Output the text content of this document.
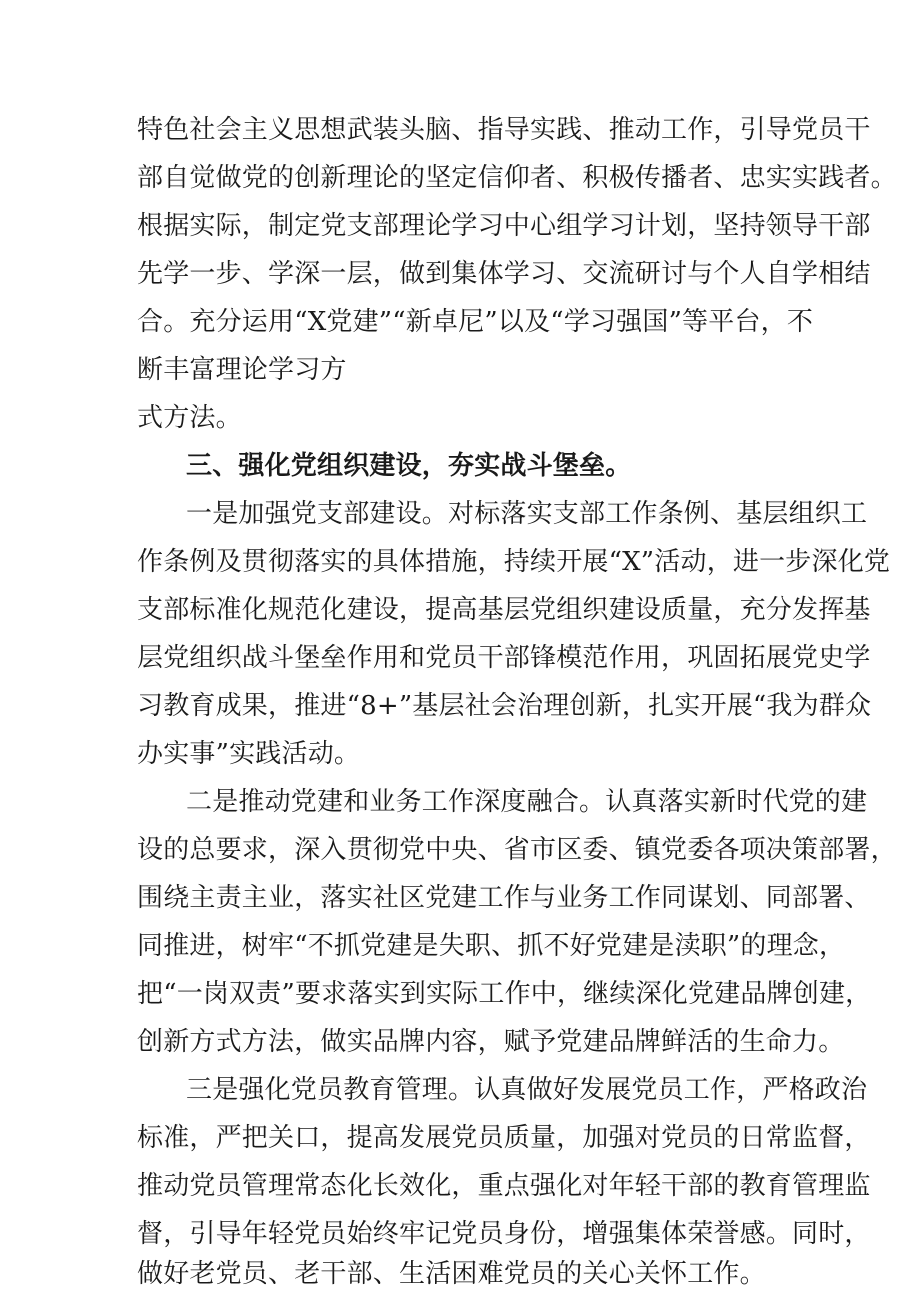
特色社会主义思想武装头脑、指导实践、推动工作，引导党员干
部自觉做党的创新理论的坚定信仰者、积极传播者、忠实实践者。
根据实际，制定党支部理论学习中心组学习计划，坚持领导干部
先学一步、学深一层，做到集体学习、交流研讨与个人自学相结
合。充分运用“X党建”“新卓尼”以及“学习强国”等平台，不
断丰富理论学习方
式方法。
三、强化党组织建设，夯实战斗堡垒。
一是加强党支部建设。对标落实支部工作条例、基层组织工
作条例及贯彻落实的具体措施，持续开展“X”活动，进一步深化党
支部标准化规范化建设，提高基层党组织建设质量，充分发挥基
层党组织战斗堡垒作用和党员干部锋模范作用，巩固拓展党史学
习教育成果，推进“8+”基层社会治理创新，扎实开展“我为群众
办实事”实践活动。
二是推动党建和业务工作深度融合。认真落实新时代党的建
设的总要求，深入贯彻党中央、省市区委、镇党委各项决策部署，
围绕主责主业，落实社区党建工作与业务工作同谋划、同部署、
同推进，树牢“不抓党建是失职、抓不好党建是渎职”的理念，
把“一岗双责”要求落实到实际工作中，继续深化党建品牌创建，
创新方式方法，做实品牌内容，赋予党建品牌鲜活的生命力。
三是强化党员教育管理。认真做好发展党员工作，严格政治
标准，严把关口，提高发展党员质量，加强对党员的日常监督，
推动党员管理常态化长效化，重点强化对年轻干部的教育管理监
督，引导年轻党员始终牢记党员身份，增强集体荣誉感。同时，
做好老党员、老干部、生活困难党员的关心关怀工作。
